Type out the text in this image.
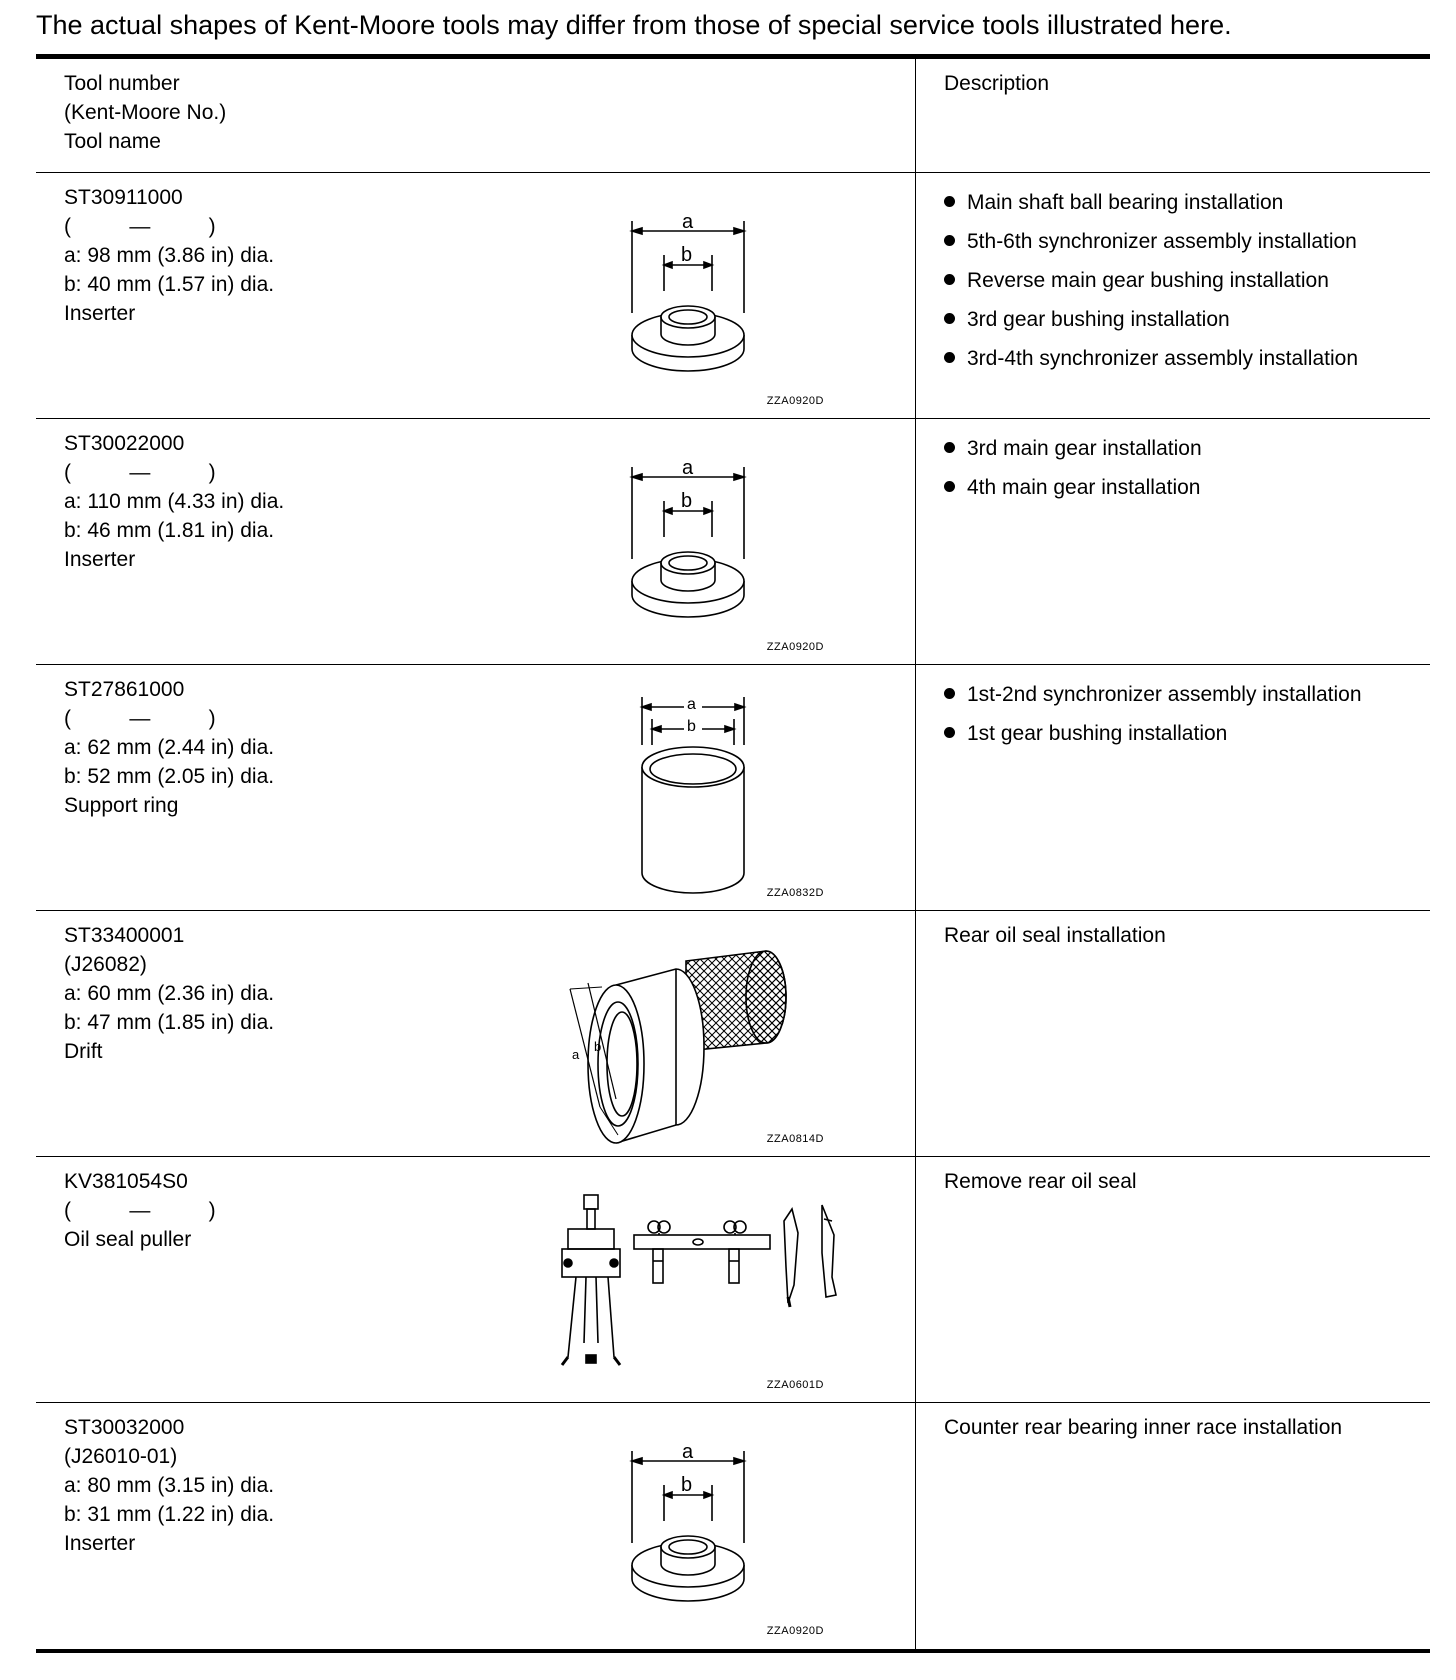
The actual shapes of Kent-Moore tools may differ from those of special service tools illustrated here.
Tool number
(Kent-Moore No.)
Tool name
Description
ST30911000
(          —          )
a: 98 mm (3.86 in) dia.
b: 40 mm (1.57 in) dia.
Inserter
a
b
ZZA0920D
Main shaft ball bearing installation
5th-6th synchronizer assembly installation
Reverse main gear bushing installation
3rd gear bushing installation
3rd-4th synchronizer assembly installation
ST30022000
(          —          )
a: 110 mm (4.33 in) dia.
b: 46 mm (1.81 in) dia.
Inserter
a
b
ZZA0920D
3rd main gear installation
4th main gear installation
ST27861000
(          —          )
a: 62 mm (2.44 in) dia.
b: 52 mm (2.05 in) dia.
Support ring
a
b
ZZA0832D
1st-2nd synchronizer assembly installation
1st gear bushing installation
ST33400001
(J26082)
a: 60 mm (2.36 in) dia.
b: 47 mm (1.85 in) dia.
Drift	a
b
ZZA0814D
Rear oil seal installation
KV381054S0
(          —          )
Oil seal puller
ZZA0601D
Remove rear oil seal
ST30032000
(J26010-01)
a: 80 mm (3.15 in) dia.
b: 31 mm (1.22 in) dia.
Inserter
a
b
ZZA0920D
Counter rear bearing inner race installation
